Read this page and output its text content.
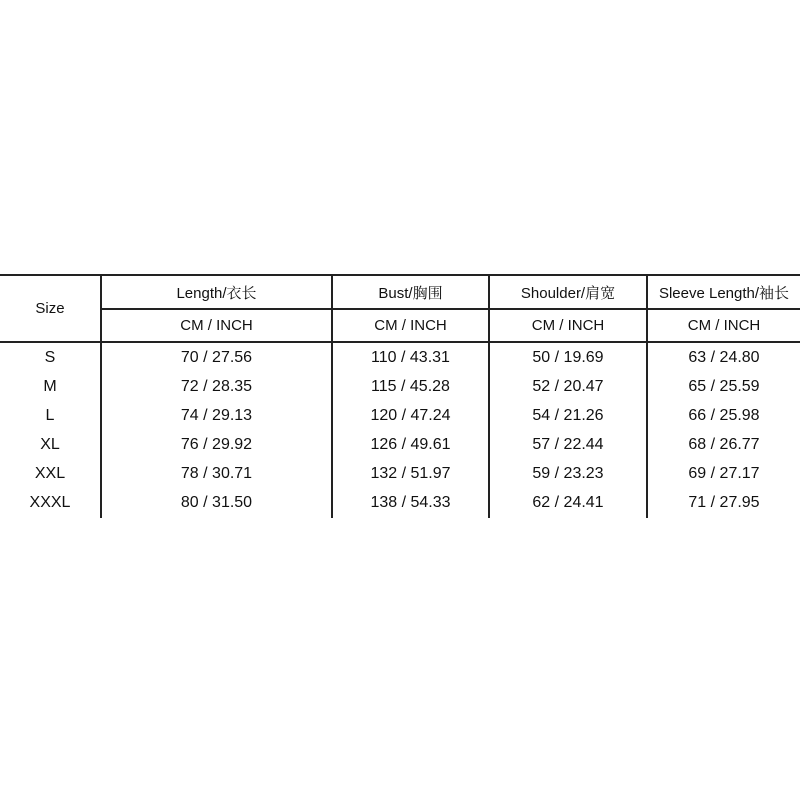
Size	Length/衣长	Bust/胸围	Shoulder/肩宽	Sleeve Length/袖长
	CM / INCH	CM / INCH	CM / INCH	CM / INCH
S	70 / 27.56	110 / 43.31	50 / 19.69	63 / 24.80
M	72 / 28.35	115 / 45.28	52 / 20.47	65 / 25.59
L	74 / 29.13	120 / 47.24	54 / 21.26	66 / 25.98
XL	76 / 29.92	126 / 49.61	57 / 22.44	68 / 26.77
XXL	78 / 30.71	132 / 51.97	59 / 23.23	69 / 27.17
XXXL	80 / 31.50	138 / 54.33	62 / 24.41	71 / 27.95
